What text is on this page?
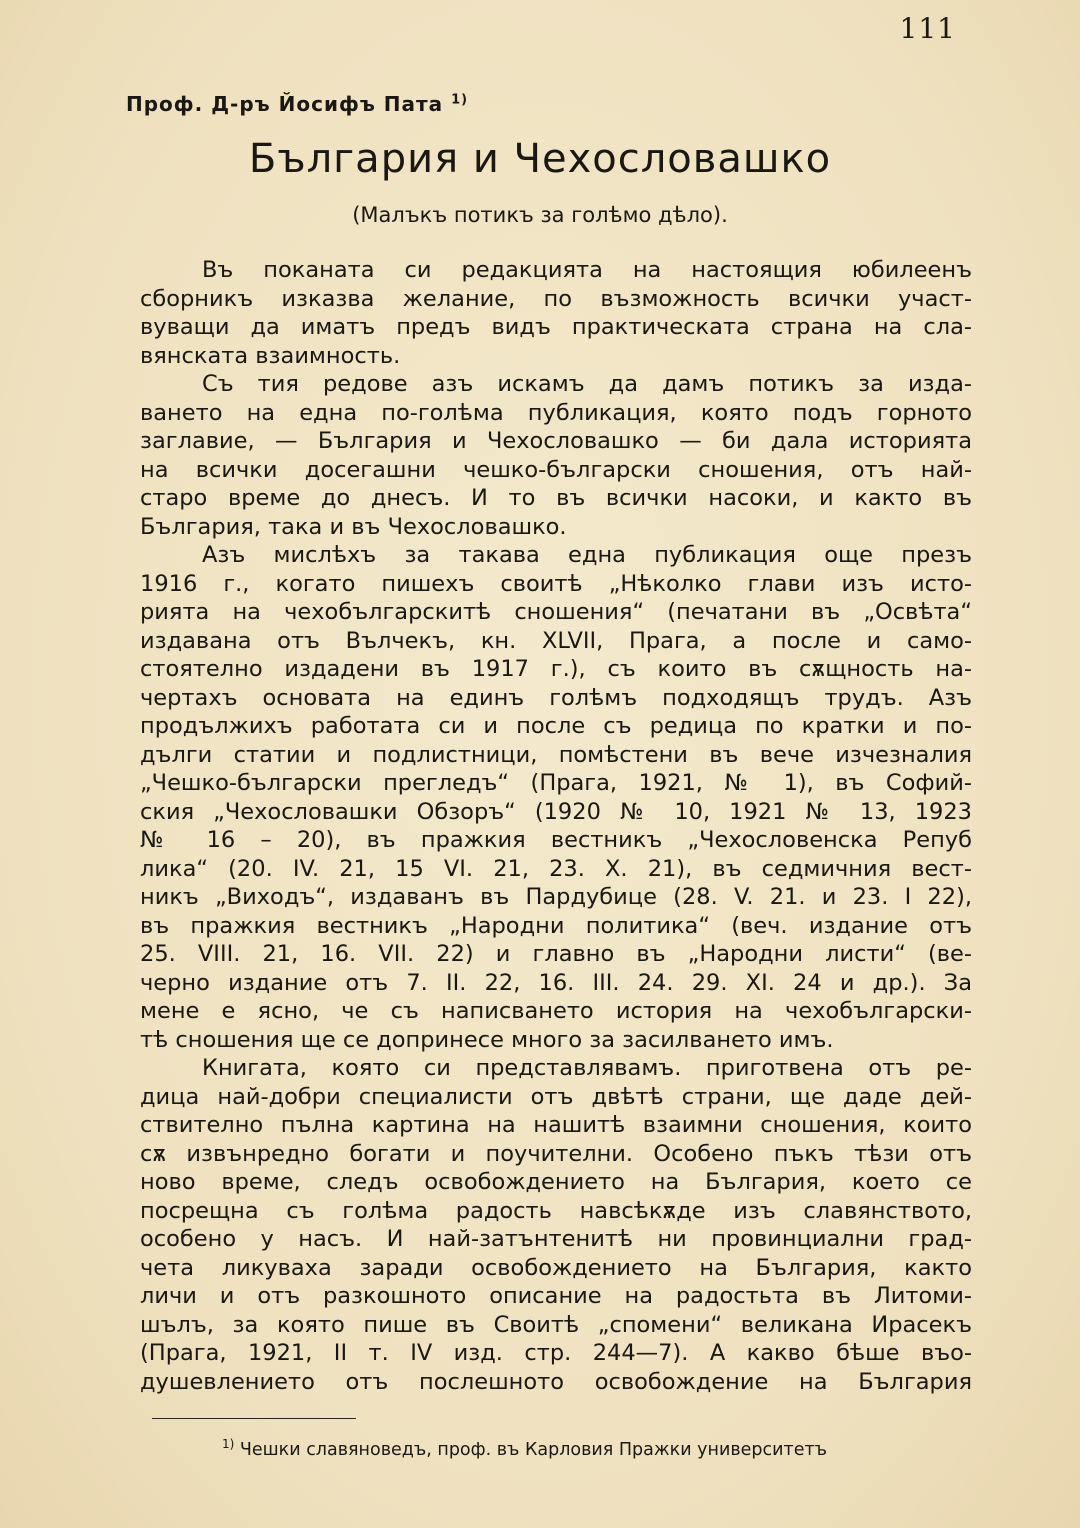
111
Проф. Д-ръ Йосифъ Пата $^{1)}$
България и Чехословашко
(Малъкъ потикъ за голѣмо дѣло).
Въ поканата си редакцията на настоящия юбилеенъ
сборникъ изказва желание, по възможность всички участ-
вуващи да иматъ предъ видъ практическата страна на сла-
вянската взаимность.
Съ тия редове азъ искамъ да дамъ потикъ за изда-
ването на една по-голѣма публикация, която подъ горното
заглавие, — България и Чехословашко — би дала историята
на всички досегашни чешко-български сношения, отъ най-
старо време до днесъ. И то въ всички насоки, и както въ
България, така и въ Чехословашко.
Азъ мислѣхъ за такава една публикация още презъ
1916 г., когато пишехъ своитѣ „Нѣколко глави изъ исто-
рията на чехобългарскитѣ сношения“ (печатани въ „Освѣта“
издавана отъ Вълчекъ, кн. XLVII, Прага, а после и само-
стоятелно издадени въ 1917 г.), съ които въ сѫщность на-
чертахъ основата на единъ голѣмъ подходящъ трудъ. Азъ
продължихъ работата си и после съ редица по кратки и по-
дълги статии и подлистници, помѣстени въ вече изчезналия
„Чешко-български прегледъ“ (Прага, 1921, № 1), въ Софий-
ския „Чехословашки Обзоръ“ (1920 № 10, 1921 № 13, 1923
№ 16 – 20), въ пражкия вестникъ „Чехословенска Репуб
лика“ (20. IV. 21, 15 VI. 21, 23. X. 21), въ седмичния вест-
никъ „Виходъ“, издаванъ въ Пардубице (28. V. 21. и 23. I 22),
въ пражкия вестникъ „Народни политика“ (веч. издание отъ
25. VIII. 21, 16. VII. 22) и главно въ „Народни листи“ (ве-
черно издание отъ 7. II. 22, 16. III. 24. 29. XI. 24 и др.). За
мене е ясно, че съ написването история на чехобългарски-
тѣ сношения ще се допринесе много за засилването имъ.
Книгата, която си представлявамъ. приготвена отъ ре-
дица най-добри специалисти отъ двѣтѣ страни, ще даде дей-
ствително пълна картина на нашитѣ взаимни сношения, които
сѫ извънредно богати и поучителни. Особено пъкъ тѣзи отъ
ново време, следъ освобождението на България, което се
посрещна съ голѣма радость навсѣкѫде изъ славянството,
особено у насъ. И най-затънтенитѣ ни провинциални град-
чета ликуваха заради освобождението на България, както
личи и отъ разкошното описание на радостьта въ Литоми-
шълъ, за която пише въ Своитѣ „спомени“ великана Ирасекъ
(Прага, 1921, II т. IV изд. стр. 244—7). А какво бѣше въо-
душевлението отъ послешното освобождение на България
$^{1)}$ Чешки славяноведъ, проф. въ Карловия Пражки университетъ
